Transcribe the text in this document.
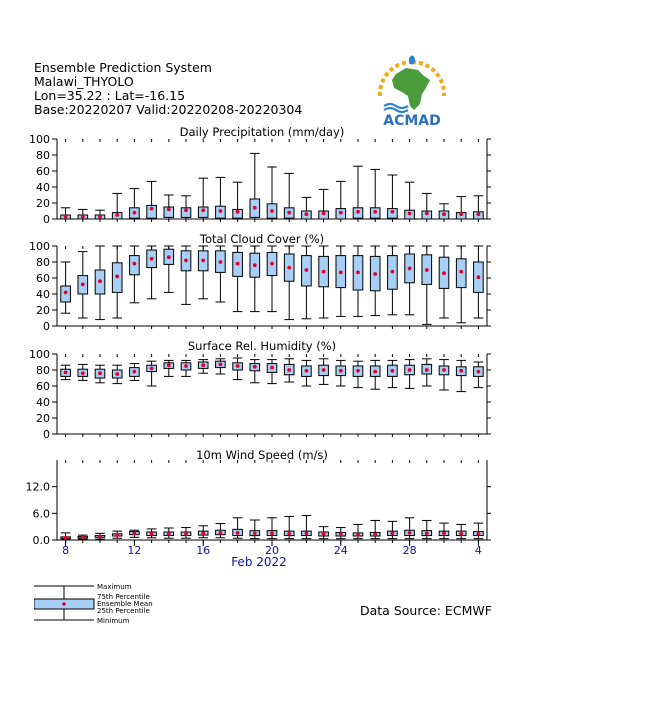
Ensemble Prediction System
Malawi_THYOLO
Lon=35.22 : Lat=-16.15
Base:20220207 Valid:20220208-20220304
ACMAD
0
20
40
60
80
100
Daily Precipitation (mm/day)
0
20
40
60
80
100
Total Cloud Cover (%)
0
20
40
60
80
100
Surface Rel. Humidity (%)
0.0
6.0
12.0
10m Wind Speed (m/s)
8	12	16	20	24	28	4
Feb 2022
Maximum
75th Percentile
Ensemble Mean
25th Percentile
Minimum
Data Source: ECMWF
